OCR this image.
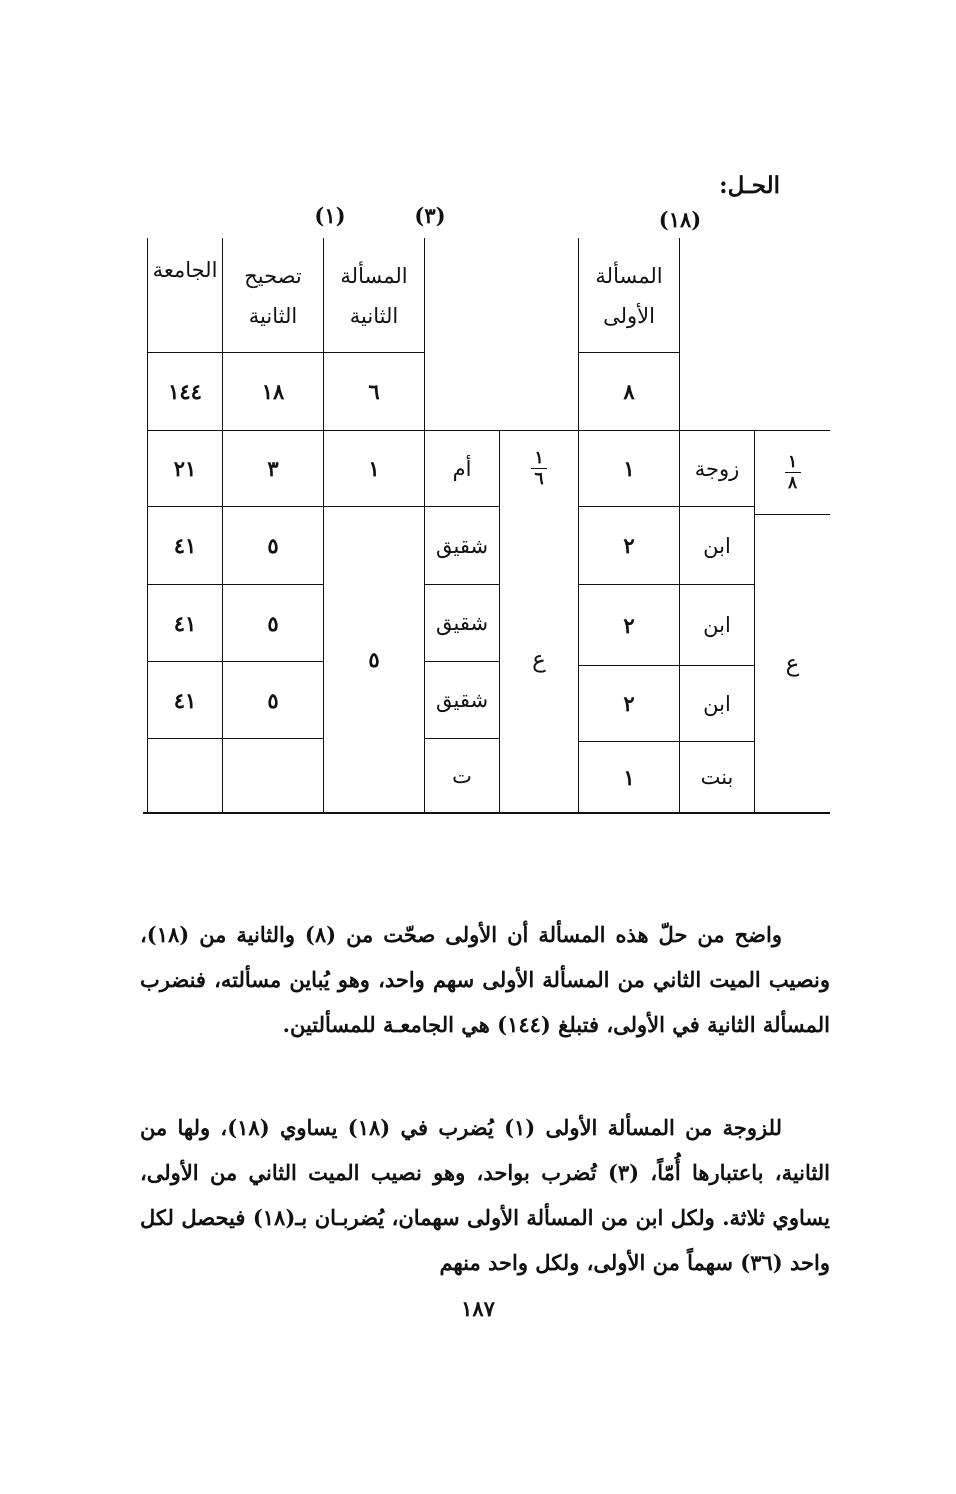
الحـل:
(١٨)
(٣)
(١)
المسألة الأولى
المسألة الثانية
تصحيح الثانية
الجامعة
٨
٦
١٨
١٤٤
$\frac{١}{٨}$
زوجة
١
$\frac{١}{٦}$
أم
١
٣
٢١
ابن
٢
شقيق
٥
٤١
ابن
٢
شقيق
٥
٤١
ابن
٢
شقيق
٥
٤١
بنت
١
ت
ع
ع
٥

واضح من حلّ هذه المسألة أن الأولى صحّت من (٨) والثانية من (١٨)، ونصيب الميت الثاني من المسألة الأولى سهم واحد، وهو يُباين مسألته، فنضرب المسألة الثانية في الأولى، فتبلغ (١٤٤) هي الجامعـة للمسألتين.

للزوجة من المسألة الأولى (١) يُضرب في (١٨) يساوي (١٨)، ولها من الثانية، باعتبارها أُمّاً، (٣) تُضرب بواحد، وهو نصيب الميت الثاني من الأولى، يساوي ثلاثة. ولكل ابن من المسألة الأولى سهمان، يُضربـان بـ(١٨) فيحصل لكل واحد (٣٦) سهماً من الأولى، ولكل واحد منهم

١٨٧
